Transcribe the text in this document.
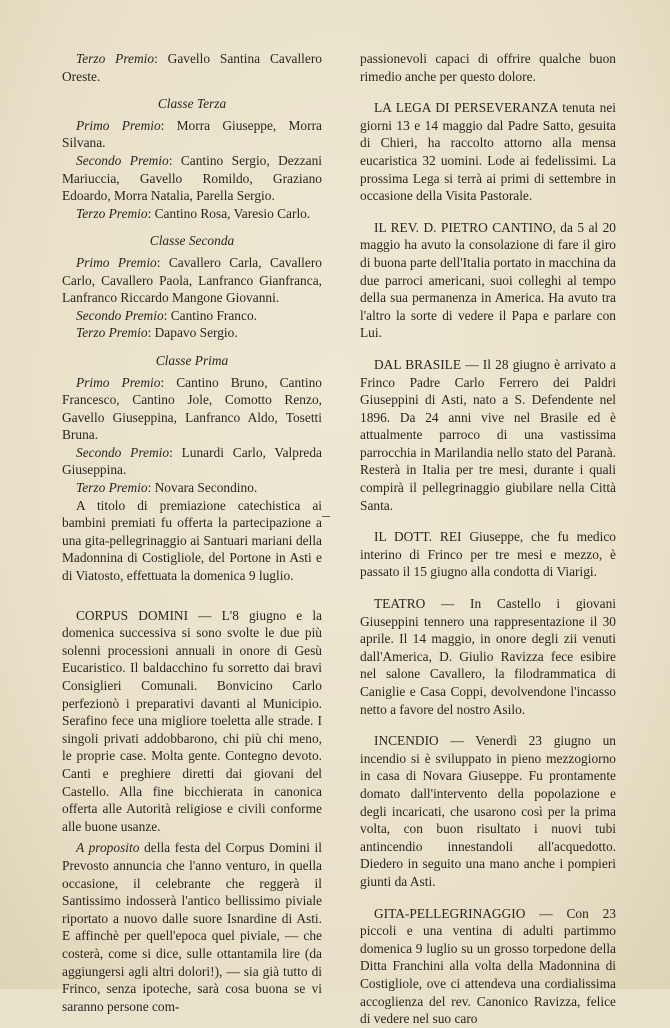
Terzo Premio: Gavello Santina Cavallero Oreste.

Classe Terza

Primo Premio: Morra Giuseppe, Morra Silvana.

Secondo Premio: Cantino Sergio, Dezzani Mariuccia, Gavello Romildo, Graziano Edoardo, Morra Natalia, Parella Sergio.

Terzo Premio: Cantino Rosa, Varesio Carlo.

Classe Seconda

Primo Premio: Cavallero Carla, Cavallero Carlo, Cavallero Paola, Lanfranco Gianfranca, Lanfranco Riccardo Mangone Giovanni.

Secondo Premio: Cantino Franco.

Terzo Premio: Dapavo Sergio.

Classe Prima

Primo Premio: Cantino Bruno, Cantino Francesco, Cantino Jole, Comotto Renzo, Gavello Giuseppina, Lanfranco Aldo, Tosetti Bruna.

Secondo Premio: Lunardi Carlo, Valpreda Giuseppina.

Terzo Premio: Novara Secondino.

A titolo di premiazione catechistica ai bambini premiati fu offerta la partecipazione a una gita-pellegrinaggio ai Santuari mariani della Madonnina di Costigliole, del Portone in Asti e di Viatosto, effettuata la domenica 9 luglio.

CORPUS DOMINI — L'8 giugno e la domenica successiva si sono svolte le due più solenni processioni annuali in onore di Gesù Eucaristico. Il baldacchino fu sorretto dai bravi Consiglieri Comunali. Bonvicino Carlo perfezionò i preparativi davanti al Municipio. Serafino fece una migliore toeletta alle strade. I singoli privati addobbarono, chi più chi meno, le proprie case. Molta gente. Contegno devoto. Canti e preghiere diretti dai giovani del Castello. Alla fine bicchierata in canonica offerta alle Autorità religiose e civili conforme alle buone usanze.

A proposito della festa del Corpus Domini il Prevosto annuncia che l'anno venturo, in quella occasione, il celebrante che reggerà il Santissimo indosserà l'antico bellissimo piviale riportato a nuovo dalle suore Isnardine di Asti. E affinchè per quell'epoca quel piviale, — che costerà, come si dice, sulle ottantamila lire (da aggiungersi agli altri dolori!), — sia già tutto di Frinco, senza ipoteche, sarà cosa buona se vi saranno persone com-

passionevoli capaci di offrire qualche buon rimedio anche per questo dolore.

LA LEGA DI PERSEVERANZA tenuta nei giorni 13 e 14 maggio dal Padre Satto, gesuita di Chieri, ha raccolto attorno alla mensa eucaristica 32 uomini. Lode ai fedelissimi. La prossima Lega si terrà ai primi di settembre in occasione della Visita Pastorale.

IL REV. D. PIETRO CANTINO, da 5 al 20 maggio ha avuto la consolazione di fare il giro di buona parte dell'Italia portato in macchina da due parroci americani, suoi colleghi al tempo della sua permanenza in America. Ha avuto tra l'altro la sorte di vedere il Papa e parlare con Lui.

DAL BRASILE — Il 28 giugno è arrivato a Frinco Padre Carlo Ferrero dei Paldri Giuseppini di Asti, nato a S. Defendente nel 1896. Da 24 anni vive nel Brasile ed è attualmente parroco di una vastissima parrocchia in Marilandia nello stato del Paranà. Resterà in Italia per tre mesi, durante i quali compirà il pellegrinaggio giubilare nella Città Santa.

IL DOTT. REI Giuseppe, che fu medico interino di Frinco per tre mesi e mezzo, è passato il 15 giugno alla condotta di Viarigi.

TEATRO — In Castello i giovani Giuseppini tennero una rappresentazione il 30 aprile. Il 14 maggio, in onore degli zii venuti dall'America, D. Giulio Ravizza fece esibire nel salone Cavallero, la filodrammatica di Caniglie e Casa Coppi, devolvendone l'incasso netto a favore del nostro Asilo.

INCENDIO — Venerdì 23 giugno un incendio si è sviluppato in pieno mezzogiorno in casa di Novara Giuseppe. Fu prontamente domato dall'intervento della popolazione e degli incaricati, che usarono così per la prima volta, con buon risultato i nuovi tubi antincendio innestandoli all'acquedotto. Diedero in seguito una mano anche i pompieri giunti da Asti.

GITA-PELLEGRINAGGIO — Con 23 piccoli e una ventina di adulti partimmo domenica 9 luglio su un grosso torpedone della Ditta Franchini alla volta della Madonnina di Costigliole, ove ci attendeva una cordialissima accoglienza del rev. Canonico Ravizza, felice di vedere nel suo caro
